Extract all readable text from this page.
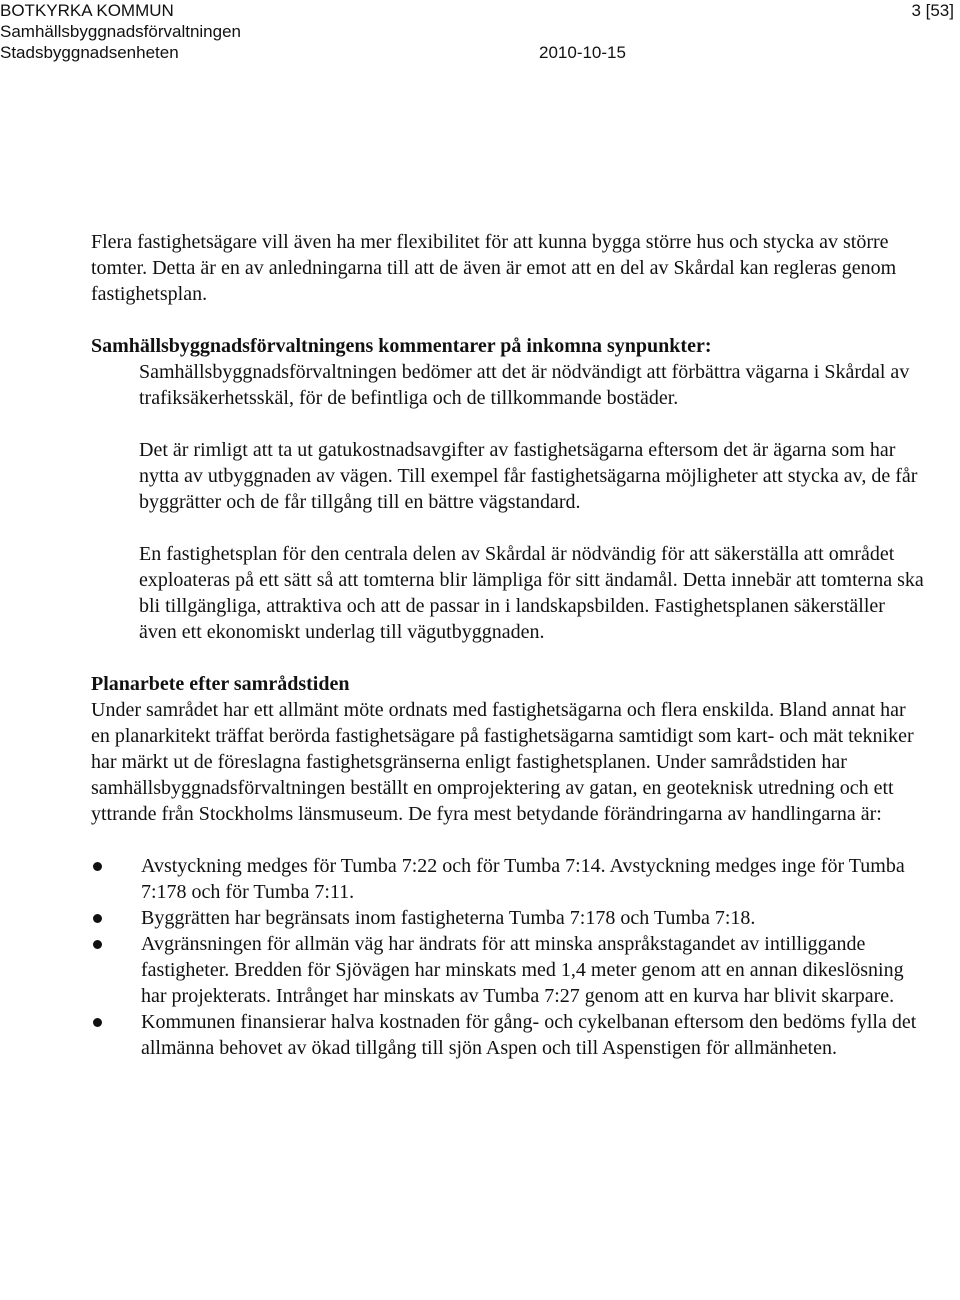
BOTKYRKA KOMMUN
Samhällsbyggnadsförvaltningen
Stadsbyggnadsenheten	2010-10-15
3 [53]

Flera fastighetsägare vill även ha mer flexibilitet för att kunna bygga större hus och stycka av större tomter. Detta är en av anledningarna till att de även är emot att en del av Skårdal kan regleras genom fastighetsplan.

Samhällsbyggnadsförvaltningens kommentarer på inkomna synpunkter:

Samhällsbyggnadsförvaltningen bedömer att det är nödvändigt att förbättra vägarna i Skårdal av trafiksäkerhetsskäl, för de befintliga och de tillkommande bostäder.

Det är rimligt att ta ut gatukostnadsavgifter av fastighetsägarna eftersom det är ägarna som har nytta av utbyggnaden av vägen. Till exempel får fastighetsägarna möjligheter att stycka av, de får byggrätter och de får tillgång till en bättre vägstandard.

En fastighetsplan för den centrala delen av Skårdal är nödvändig för att säkerställa att området exploateras på ett sätt så att tomterna blir lämpliga för sitt ändamål. Detta innebär att tomterna ska bli tillgängliga, attraktiva och att de passar in i landskapsbilden. Fastighetsplanen säkerställer även ett ekonomiskt underlag till vägutbyggnaden.

Planarbete efter samrådstiden

Under samrådet har ett allmänt möte ordnats med fastighetsägarna och flera enskilda. Bland annat har en planarkitekt träffat berörda fastighetsägare på fastighetsägarna samtidigt som kart- och mät tekniker har märkt ut de föreslagna fastighetsgränserna enligt fastighetsplanen. Under samrådstiden har samhällsbyggnadsförvaltningen beställt en omprojektering av gatan, en geoteknisk utredning och ett yttrande från Stockholms länsmuseum. De fyra mest betydande förändringarna av handlingarna är:

Avstyckning medges för Tumba 7:22 och för Tumba 7:14. Avstyckning medges inge för Tumba 7:178 och för Tumba 7:11.
Byggrätten har begränsats inom fastigheterna Tumba 7:178 och Tumba 7:18.
Avgränsningen för allmän väg har ändrats för att minska anspråkstagandet av intilliggande fastigheter. Bredden för Sjövägen har minskats med 1,4 meter genom att en annan dikeslösning har projekterats. Intrånget har minskats av Tumba 7:27 genom att en kurva har blivit skarpare.
Kommunen finansierar halva kostnaden för gång- och cykelbanan eftersom den bedöms fylla det allmänna behovet av ökad tillgång till sjön Aspen och till Aspenstigen för allmänheten.
